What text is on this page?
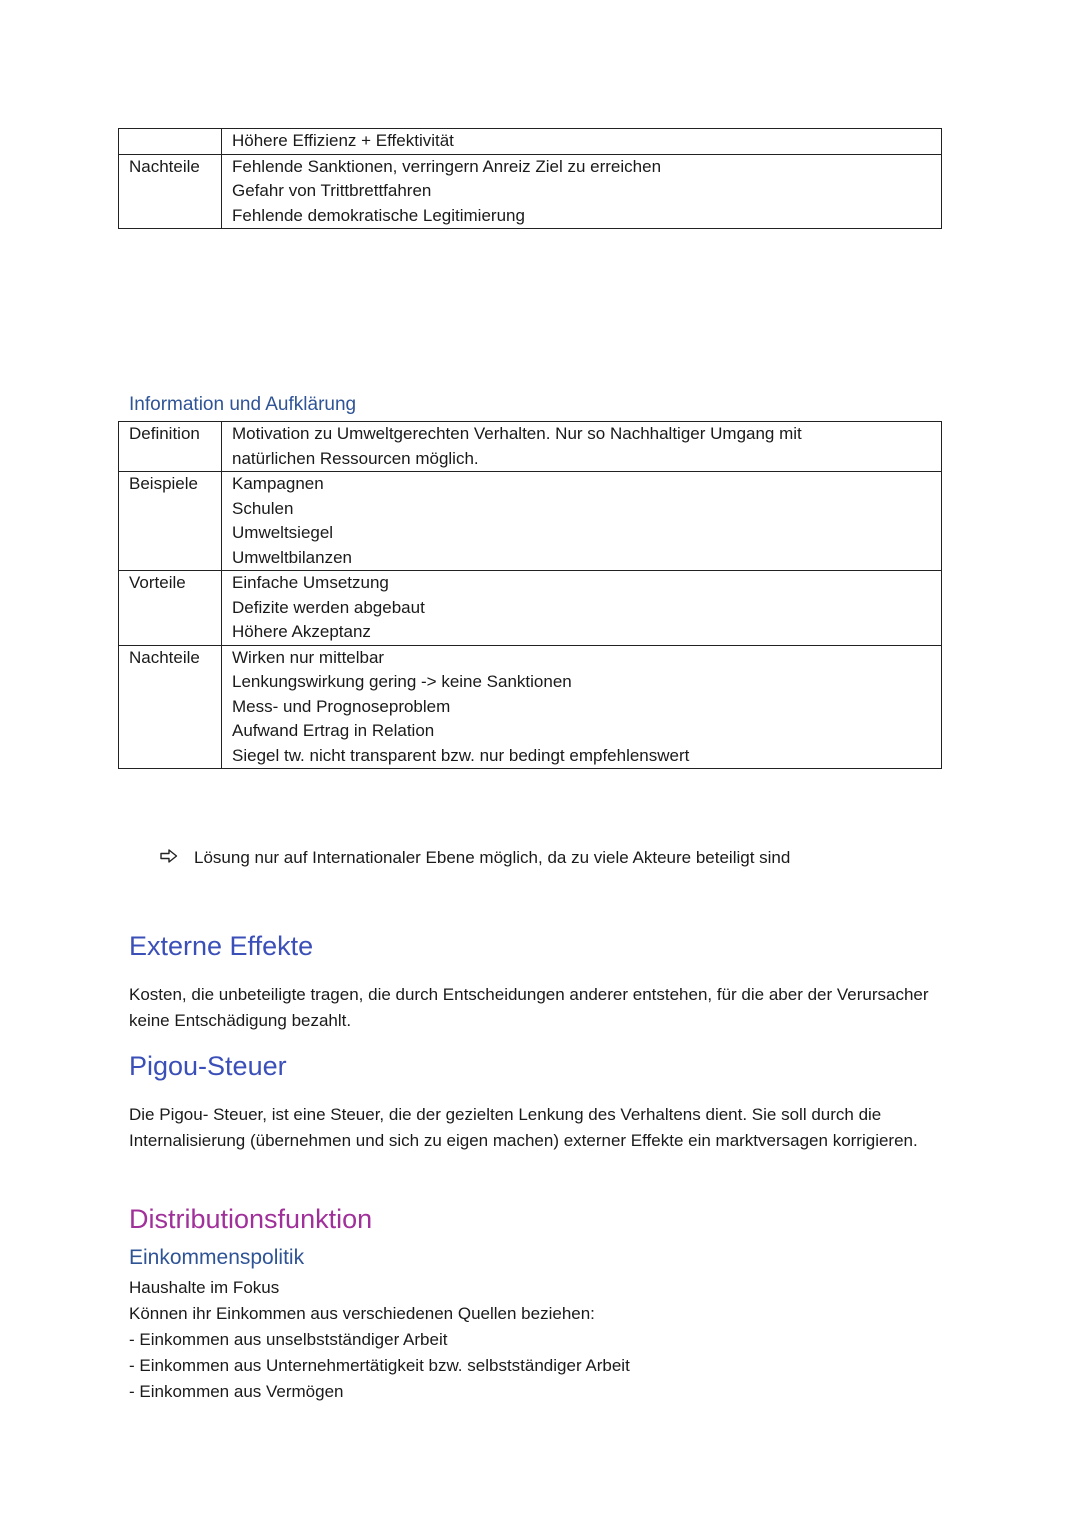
	Höhere Effizienz + Effektivität

Nachteile	Fehlende Sanktionen, verringern Anreiz Ziel zu erreichen
Gefahr von Trittbrettfahren
Fehlende demokratische Legitimierung
Information und Aufklärung
Definition	Motivation zu Umweltgerechten Verhalten. Nur so Nachhaltiger Umgang mit
natürlichen Ressourcen möglich.

Beispiele	Kampagnen
Schulen
Umweltsiegel
Umweltbilanzen

Vorteile	Einfache Umsetzung
Defizite werden abgebaut
Höhere Akzeptanz

Nachteile	Wirken nur mittelbar
Lenkungswirkung gering -> keine Sanktionen
Mess- und Prognoseproblem
Aufwand Ertrag in Relation
Siegel tw. nicht transparent bzw. nur bedingt empfehlenswert
Lösung nur auf Internationaler Ebene möglich, da zu viele Akteure beteiligt sind
Externe Effekte
Kosten, die unbeteiligte tragen, die durch Entscheidungen anderer entstehen, für die aber der Verursacher keine Entschädigung bezahlt.
Pigou-Steuer
Die Pigou- Steuer, ist eine Steuer, die der gezielten Lenkung des Verhaltens dient. Sie soll durch die Internalisierung (übernehmen und sich zu eigen machen) externer Effekte ein marktversagen korrigieren.
Distributionsfunktion
Einkommenspolitik
Haushalte im Fokus
Können ihr Einkommen aus verschiedenen Quellen beziehen:
- Einkommen aus unselbstständiger Arbeit
- Einkommen aus Unternehmertätigkeit bzw. selbstständiger Arbeit
- Einkommen aus Vermögen
